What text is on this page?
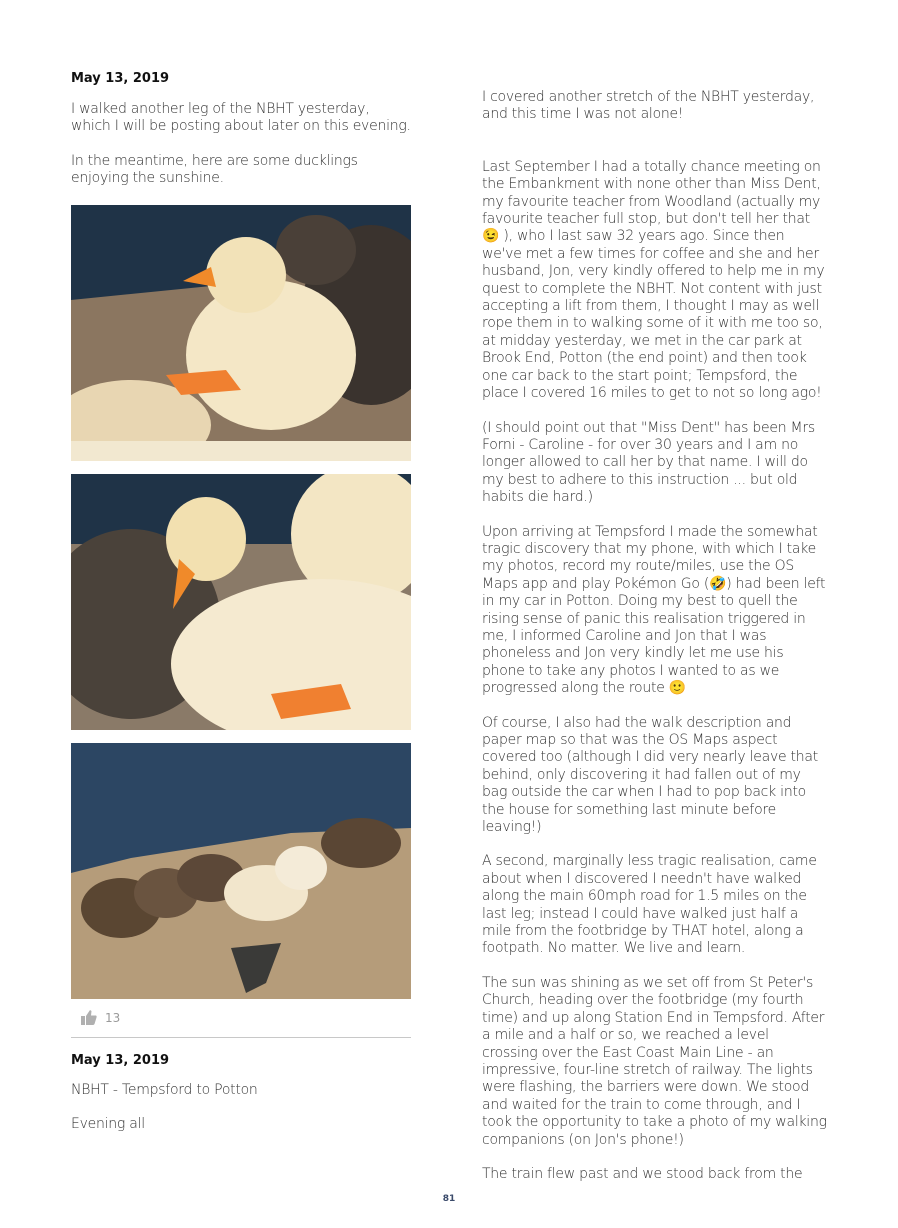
May 13, 2019

I walked another leg of the NBHT yesterday, which I will be posting about later on this evening.

In the meantime, here are some ducklings enjoying the sunshine.

13

May 13, 2019

NBHT - Tempsford to Potton

Evening all

I covered another stretch of the NBHT yesterday, and this time I was not alone!

Last September I had a totally chance meeting on the Embankment with none other than Miss Dent, my favourite teacher from Woodland (actually my favourite teacher full stop, but don't tell her that 😉 ), who I last saw 32 years ago. Since then we've met a few times for coffee and she and her husband, Jon, very kindly offered to help me in my quest to complete the NBHT. Not content with just accepting a lift from them, I thought I may as well rope them in to walking some of it with me too so, at midday yesterday, we met in the car park at Brook End, Potton (the end point) and then took one car back to the start point; Tempsford, the place I covered 16 miles to get to not so long ago!

(I should point out that "Miss Dent" has been Mrs Forni - Caroline - for over 30 years and I am no longer allowed to call her by that name. I will do my best to adhere to this instruction ... but old habits die hard.)

Upon arriving at Tempsford I made the somewhat tragic discovery that my phone, with which I take my photos, record my route/miles, use the OS Maps app and play Pokémon Go (🤣) had been left in my car in Potton. Doing my best to quell the rising sense of panic this realisation triggered in me, I informed Caroline and Jon that I was phoneless and Jon very kindly let me use his phone to take any photos I wanted to as we progressed along the route 🙂

Of course, I also had the walk description and paper map so that was the OS Maps aspect covered too (although I did very nearly leave that behind, only discovering it had fallen out of my bag outside the car when I had to pop back into the house for something last minute before leaving!)

A second, marginally less tragic realisation, came about when I discovered I needn't have walked along the main 60mph road for 1.5 miles on the last leg; instead I could have walked just half a mile from the footbridge by THAT hotel, along a footpath. No matter. We live and learn.

The sun was shining as we set off from St Peter's Church, heading over the footbridge (my fourth time) and up along Station End in Tempsford. After a mile and a half or so, we reached a level crossing over the East Coast Main Line - an impressive, four-line stretch of railway. The lights were flashing, the barriers were down. We stood and waited for the train to come through, and I took the opportunity to take a photo of my walking companions (on Jon's phone!)

The train flew past and we stood back from the

81
